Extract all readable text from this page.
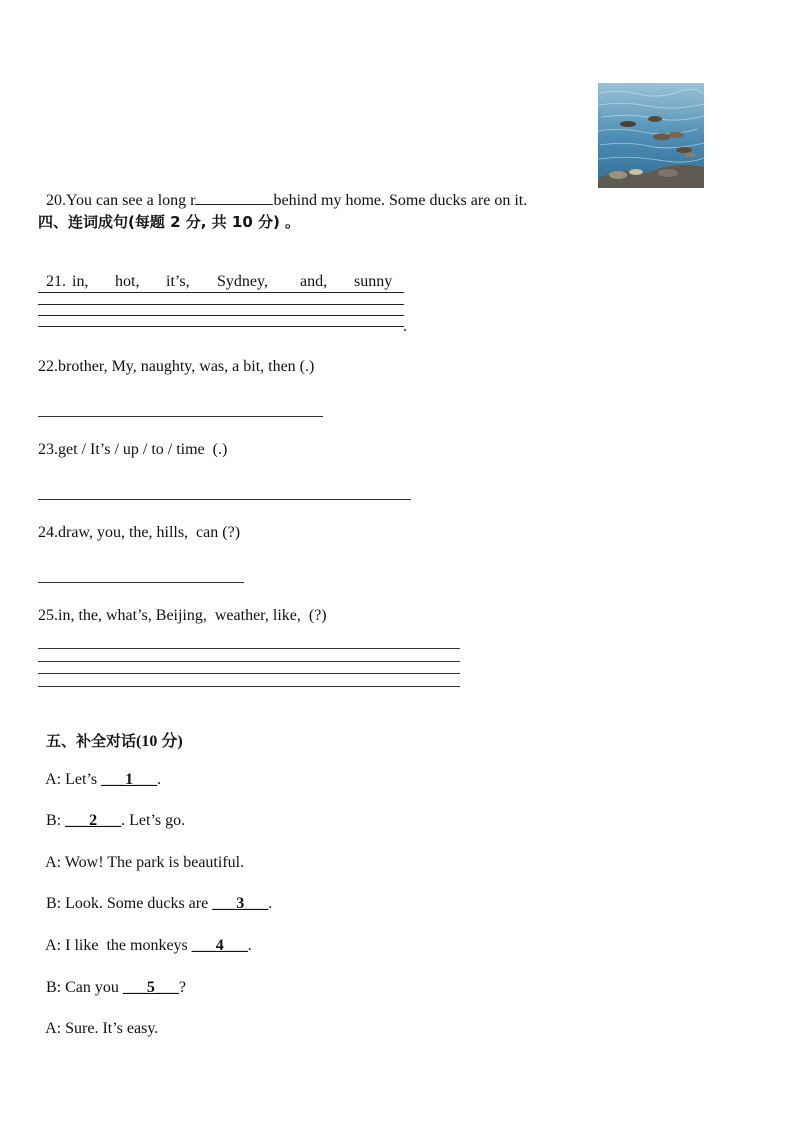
20.You can see a long r	behind my home. Some ducks are on it.

四、连词成句(每题 2 分, 共 10 分) 。

21. in, hot, it’s, Sydney, and, sunny

.
22.brother, My, naughty, was, a bit, then (.)
23.get / It’s / up / to / time  (.)
24.draw, you, the, hills,  can (?)
25.in, the, what’s, Beijing,  weather, like,  (?)

五、补全对话(10 分)

A: Let’s ___1___.

B: ___2___. Let’s go.

A: Wow! The park is beautiful.

B: Look. Some ducks are ___3___.

A: I like  the monkeys ___4___.

B: Can you ___5___?

A: Sure. It’s easy.
